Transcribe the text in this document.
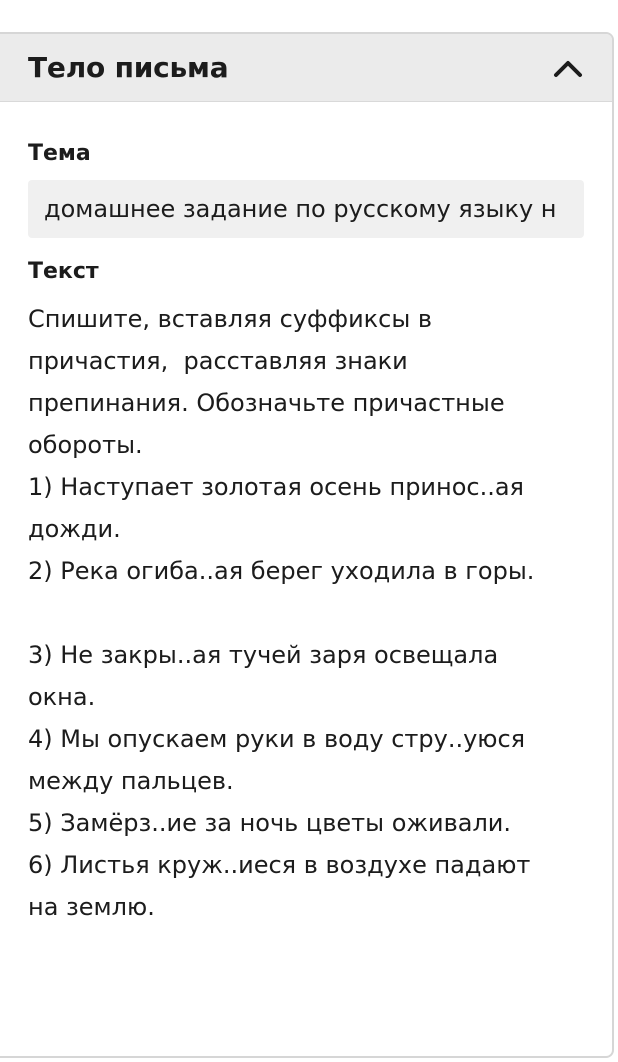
Тело письма
Тема
домашнее задание по русскому языку н
Текст
Спишите, вставляя суффиксы в
причастия,  расставляя знаки
препинания. Обозначьте причастные
обороты.
1) Наступает золотая осень принос..ая
дожди.
2) Река огиба..ая берег уходила в горы.
3) Не закры..ая тучей заря освещала
окна.
4) Мы опускаем руки в воду стру..уюся
между пальцев.
5) Замёрз..ие за ночь цветы оживали.
6) Листья круж..иеся в воздухе падают
на землю.
